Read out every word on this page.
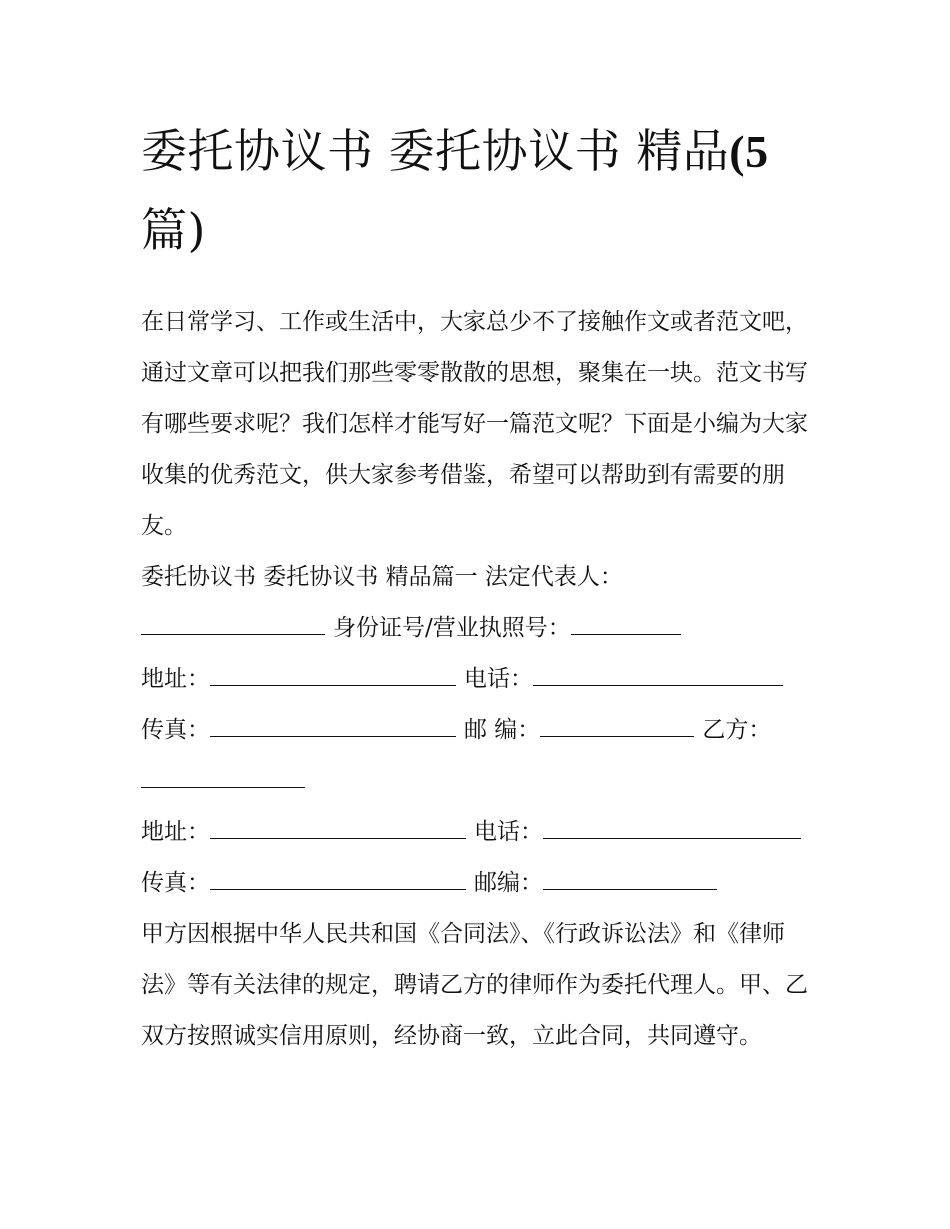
委托协议书 委托协议书 精品(5
篇)

在日常学习、工作或生活中，大家总少不了接触作文或者范文吧，通过文章可以把我们那些零零散散的思想，聚集在一块。范文书写有哪些要求呢？我们怎样才能写好一篇范文呢？下面是小编为大家收集的优秀范文，供大家参考借鉴，希望可以帮助到有需要的朋友。

委托协议书 委托协议书 精品篇一 法定代表人：

身份证号/营业执照号：

地址：	电话：

传真：	邮 编：	乙方：

地址：	电话：

传真：	邮编：

甲方因根据中华人民共和国《合同法》、《行政诉讼法》和《律师法》等有关法律的规定，聘请乙方的律师作为委托代理人。甲、乙双方按照诚实信用原则，经协商一致，立此合同，共同遵守。
